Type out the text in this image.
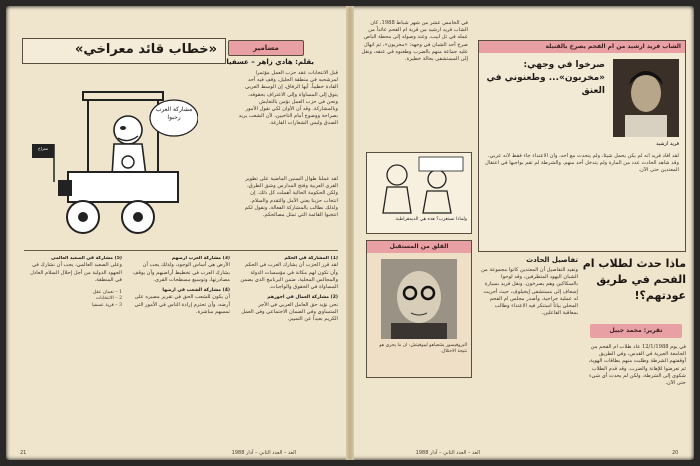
«خطاب قائد معراخي»	مسامير
بقلم: هادي زاهر – عسفيا
مشاركة العرب رحبوا
معراخ
قبل الانتخابات عقد حزب العمل مؤتمراً لمرشحيه في منطقة الجليل، وقف فيه أحد القادة خطيباً. أيها الرفاق، إن الوسط العربي يتوق إلى المساواة وإلى الاعتراف بحقوقه، ونحن في حزب العمل نؤمن بالتعايش وبالمشاركة. وقد آن الأوان لكي نقول الأمور بصراحة ووضوح أمام الناخبين، لأن الشعب يريد الصدق وليس الشعارات الفارغة.
لقد عملنا طوال السنين الماضية على تطوير القرى العربية وفتح المدارس وشق الطرق، ولكن الحكومة الحالية أهملت كل ذلك. إن انتخاب حزبنا يعني الأمل والتقدم والسلام. ولذلك نطالب بالمشاركة الفعالة، ونقول لكم انتخبوا القائمة التي تمثل مصالحكم.
(1) المشاركة في الحكم
لقد قرر الحزب أن يشارك العرب في الحكم وأن تكون لهم مكانة في مؤسسات الدولة والمجالس المحلية، ضمن البرنامج الذي يضمن المساواة في الحقوق والواجبات.
(2) مشاركة العمال في اجورهم
نحن نؤيد حق العامل العربي في الأجر المتساوي وفي الضمان الاجتماعي وفي العمل الكريم بعيداً عن التمييز.
(3) مشاركة العرب ارضهم
الأرض هي أساس الوجود، ولذلك يجب أن يشارك العرب في تخطيط أراضيهم وأن يوقف مصادرتها، وتوسيع مسطحات القرى.
(4) مشاركة الشعب في ارضها
أن يكون للشعب الحق في تقرير مصيره على أرضه، وأن تحترم إرادة الناس في الأمور التي تمسهم مباشرة.
(5) مشاركة في الصعيد العالمي
وعلى الصعيد العالمي، يجب أن نشارك في الجهود الدولية من أجل إحلال السلام العادل في المنطقة.
1 – نعمان عقل
2 – الانتخابات
3 – قرية عسفيا
الغد – العدد الثاني – آذار 1988
21
في الخامس عشر من شهر شباط 1988، كان الشاب فريد ارشيد من قرية ام الفحم عائداً من عمله في تل ابيب، وعند وصوله إلى محطة الباص صرخ أحد الشبان في وجهه: «مخربون»، ثم انهال عليه جماعة منهم بالضرب وطعنوه في عنقه، ونقل إلى المستشفى بحالة خطيرة.
الشاب فريد ارشيد من ام الفحم يصرخ بالقنبلة
صرخوا في وجهي: «مخربون»... وطعنوني في العنق
فريد ارشيد
لقد أفاد فريد أنه لم يكن يحمل شيئاً، ولم يتحدث مع أحد، وأن الاعتداء جاء فقط لأنه عربي. وقد شاهد الحادث عدد من المارة ولم يتدخل أحد منهم. والشرطة لم تقم بواجبها في اعتقال المعتدين حتى الآن.
ولماذا تستغرب؟ هذه هي الديمقراطية.
القلق من المستقبل
البروفيسور يشعياهو ليبوفيتش: ان ما يجري هو نتيجة الاحتلال.
تفاصيل الحادث
وتفيد التفاصيل أن المعتدين كانوا مجموعة من الشبان اليهود المتطرفين، وقد لوحوا بالسكاكين وهم يصرخون. ونقل فريد بسيارة إسعاف إلى مستشفى إيخيلوف، حيث أجريت له عملية جراحية. وأصدر مجلس ام الفحم المحلي بياناً استنكر فيه الاعتداء وطالب بمعاقبة الفاعلين.
ماذا حدث لطلاب ام الفحم في طريق عودتهم؟!
تقرير: محمد جبيل
في يوم 12/1/1988 عاد طلاب ام الفحم من الجامعة العبرية في القدس، وفي الطريق أوقفتهم الشرطة وطلبت منهم بطاقات الهوية، ثم تعرضوا للإهانة والضرب. وقد قدم الطلاب شكوى إلى الشرطة، ولكن لم يحدث أي شيء حتى الآن.
الغد – العدد الثاني – آذار 1988	20
